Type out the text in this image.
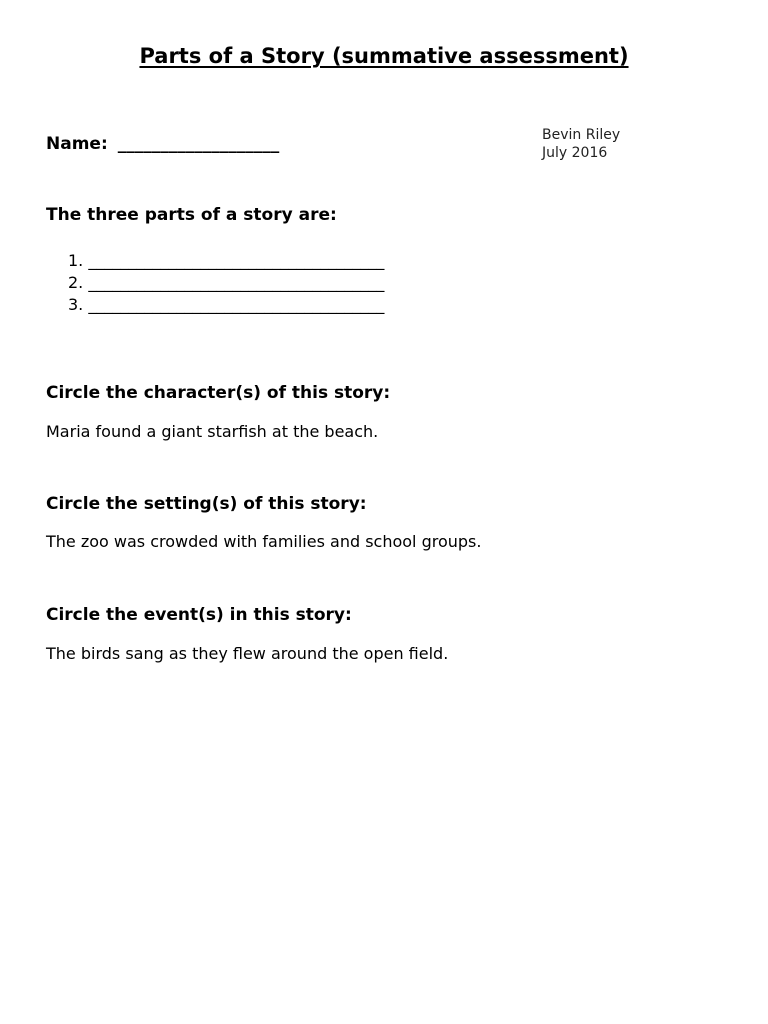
Parts of a Story (summative assessment)
Name: ___________________	Bevin Riley
July 2016
The three parts of a story are:
1. _____________________________________
2. _____________________________________
3. _____________________________________
Circle the character(s) of this story:
Maria found a giant starfish at the beach.
Circle the setting(s) of this story:
The zoo was crowded with families and school groups.
Circle the event(s) in this story:
The birds sang as they flew around the open field.
